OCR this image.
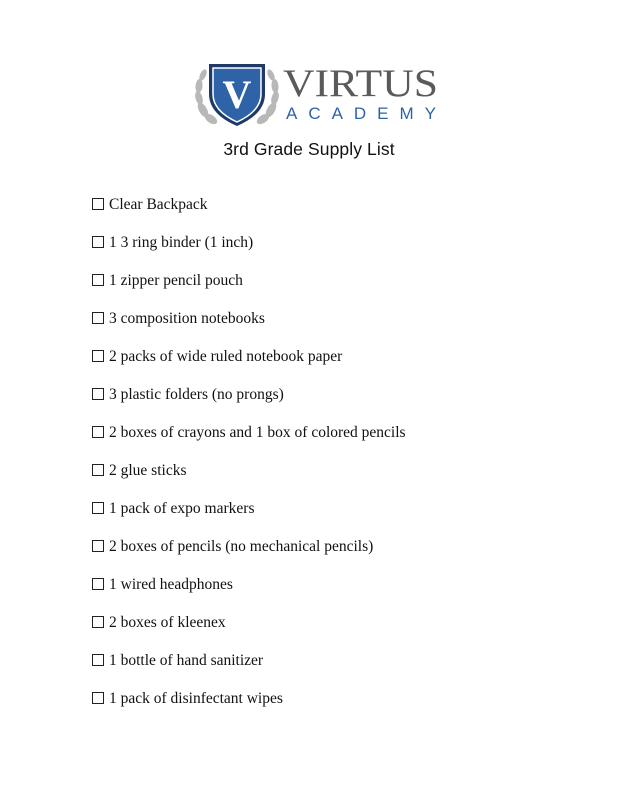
V VIRTUS
ACADEMY
3rd Grade Supply List
Clear Backpack
1 3 ring binder (1 inch)
1 zipper pencil pouch
3 composition notebooks
2 packs of wide ruled notebook paper
3 plastic folders (no prongs)
2 boxes of crayons and 1 box of colored pencils
2 glue sticks
1 pack of expo markers
2 boxes of pencils (no mechanical pencils)
1 wired headphones
2 boxes of kleenex
1 bottle of hand sanitizer
1 pack of disinfectant wipes
